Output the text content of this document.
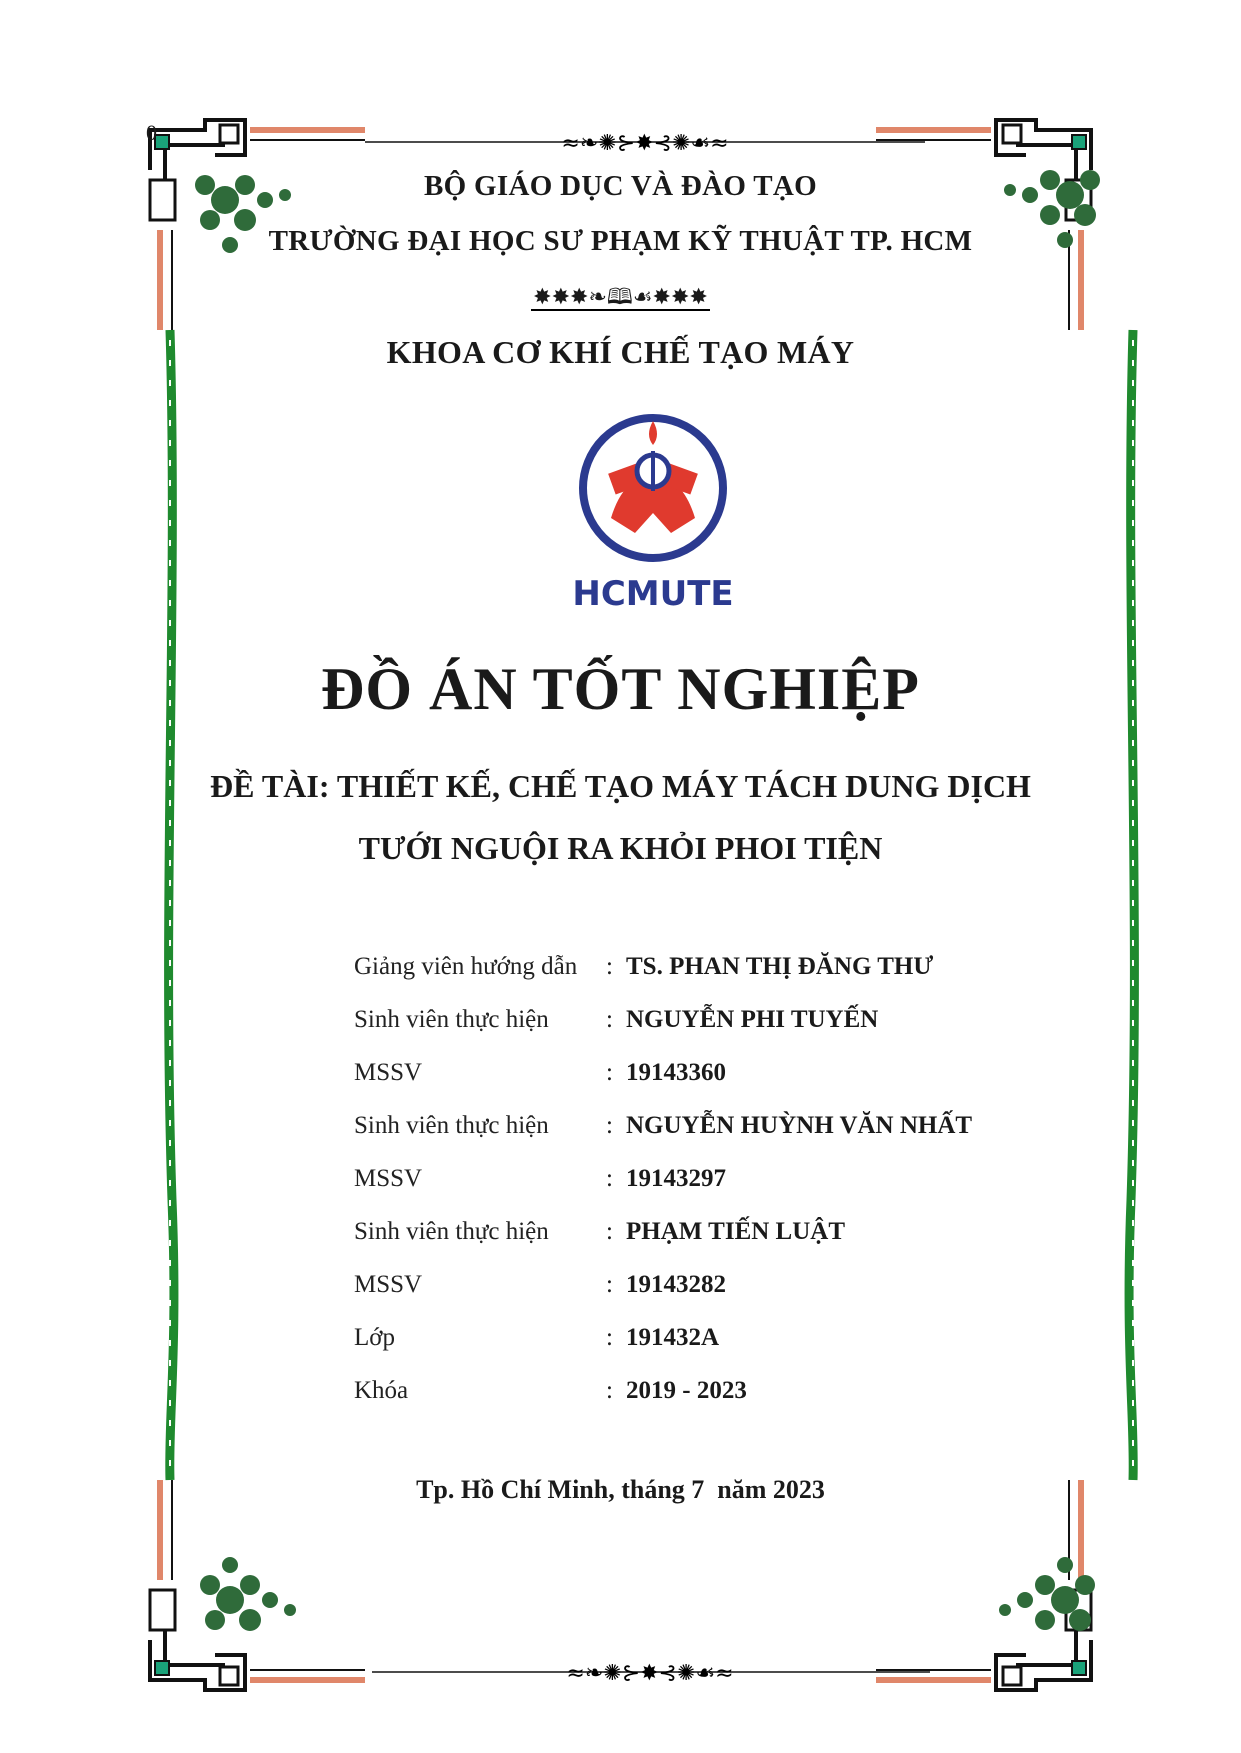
≈❧✺⊱✸⊰✺☙≈
≈❧✺⊱✸⊰✺☙≈
0
BỘ GIÁO DỤC VÀ ĐÀO TẠO
TRƯỜNG ĐẠI HỌC SƯ PHẠM KỸ THUẬT TP. HCM
✸✸✸❧🕮☙✸✸✸
KHOA CƠ KHÍ CHẾ TẠO MÁY
HCMUTE
ĐỒ ÁN TỐT NGHIỆP
ĐỀ TÀI: THIẾT KẾ, CHẾ TẠO MÁY TÁCH DUNG DỊCH
TƯỚI NGUỘI RA KHỎI PHOI TIỆN
Giảng viên hướng dẫn : TS. PHAN THỊ ĐĂNG THƯ
Sinh viên thực hiện : NGUYỄN PHI TUYẾN
MSSV	: 19143360
Sinh viên thực hiện : NGUYỄN HUỲNH VĂN NHẤT
MSSV	: 19143297
Sinh viên thực hiện : PHẠM TIẾN LUẬT
MSSV	: 19143282
Lớp	: 191432A
Khóa	: 2019 - 2023
Tp. Hồ Chí Minh, tháng 7  năm 2023
